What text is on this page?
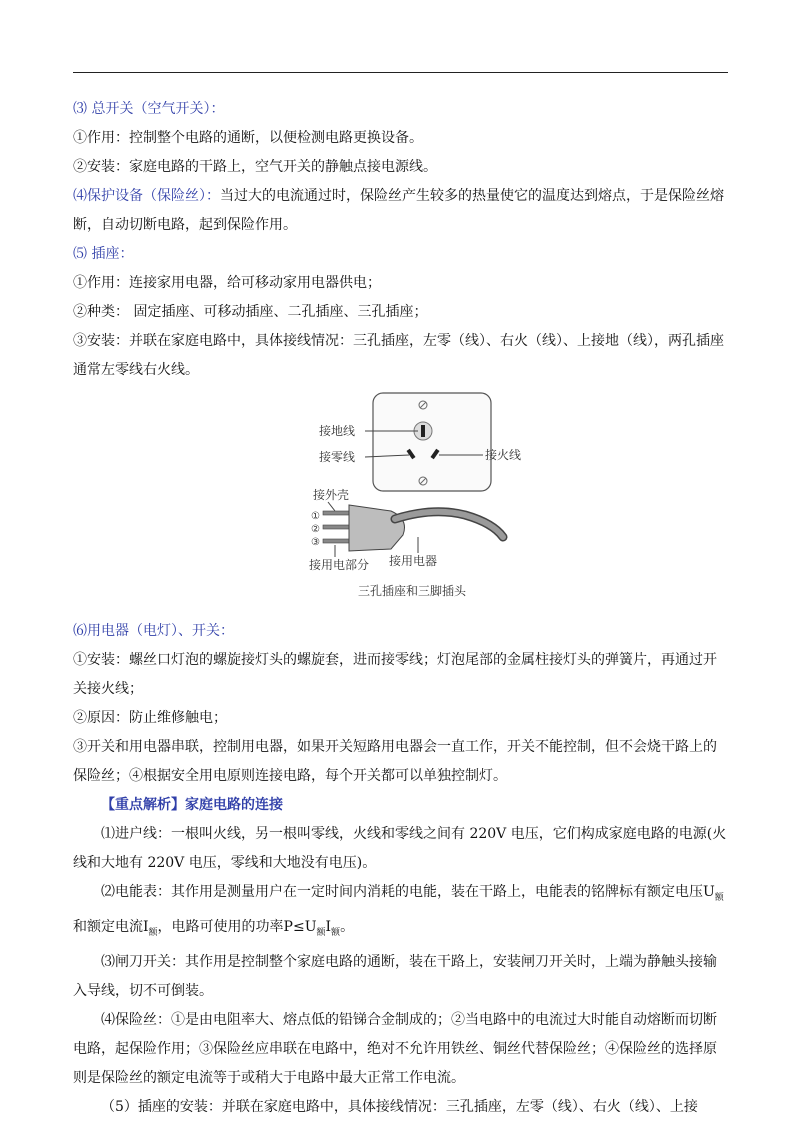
⑶ 总开关（空气开关）：

①作用：控制整个电路的通断，以便检测电路更换设备。

②安装：家庭电路的干路上，空气开关的静触点接电源线。

⑷保护设备（保险丝）：当过大的电流通过时，保险丝产生较多的热量使它的温度达到熔点，于是保险丝熔断，自动切断电路，起到保险作用。

⑸ 插座：

①作用：连接家用电器，给可移动家用电器供电；

②种类： 固定插座、可移动插座、二孔插座、三孔插座；

③安装：并联在家庭电路中，具体接线情况：三孔插座，左零（线）、右火（线）、上接地（线），两孔插座通常左零线右火线。

接地线
接零线	接火线
接外壳
①
②
③
接用电部分 接用电器
三孔插座和三脚插头

⑹用电器（电灯）、开关：

①安装：螺丝口灯泡的螺旋接灯头的螺旋套，进而接零线；灯泡尾部的金属柱接灯头的弹簧片，再通过开关接火线；

②原因：防止维修触电；

③开关和用电器串联，控制用电器，如果开关短路用电器会一直工作，开关不能控制，但不会烧干路上的保险丝；④根据安全用电原则连接电路，每个开关都可以单独控制灯。

【重点解析】家庭电路的连接

⑴进户线：一根叫火线，另一根叫零线，火线和零线之间有 220V 电压，它们构成家庭电路的电源(火线和大地有 220V 电压，零线和大地没有电压)。

⑵电能表：其作用是测量用户在一定时间内消耗的电能，装在干路上，电能表的铭牌标有额定电压$U_额$和额定电流$Ⅰ_额$，电路可使用的功率$P\le U_额Ⅰ_额$。

⑶闸刀开关：其作用是控制整个家庭电路的通断，装在干路上，安装闸刀开关时，上端为静触头接输入导线，切不可倒装。

⑷保险丝：①是由电阻率大、熔点低的铅锑合金制成的；②当电路中的电流过大时能自动熔断而切断电路，起保险作用；③保险丝应串联在电路中，绝对不允许用铁丝、铜丝代替保险丝；④保险丝的选择原则是保险丝的额定电流等于或稍大于电路中最大正常工作电流。

（5）插座的安装：并联在家庭电路中，具体接线情况：三孔插座，左零（线）、右火（线）、上接
